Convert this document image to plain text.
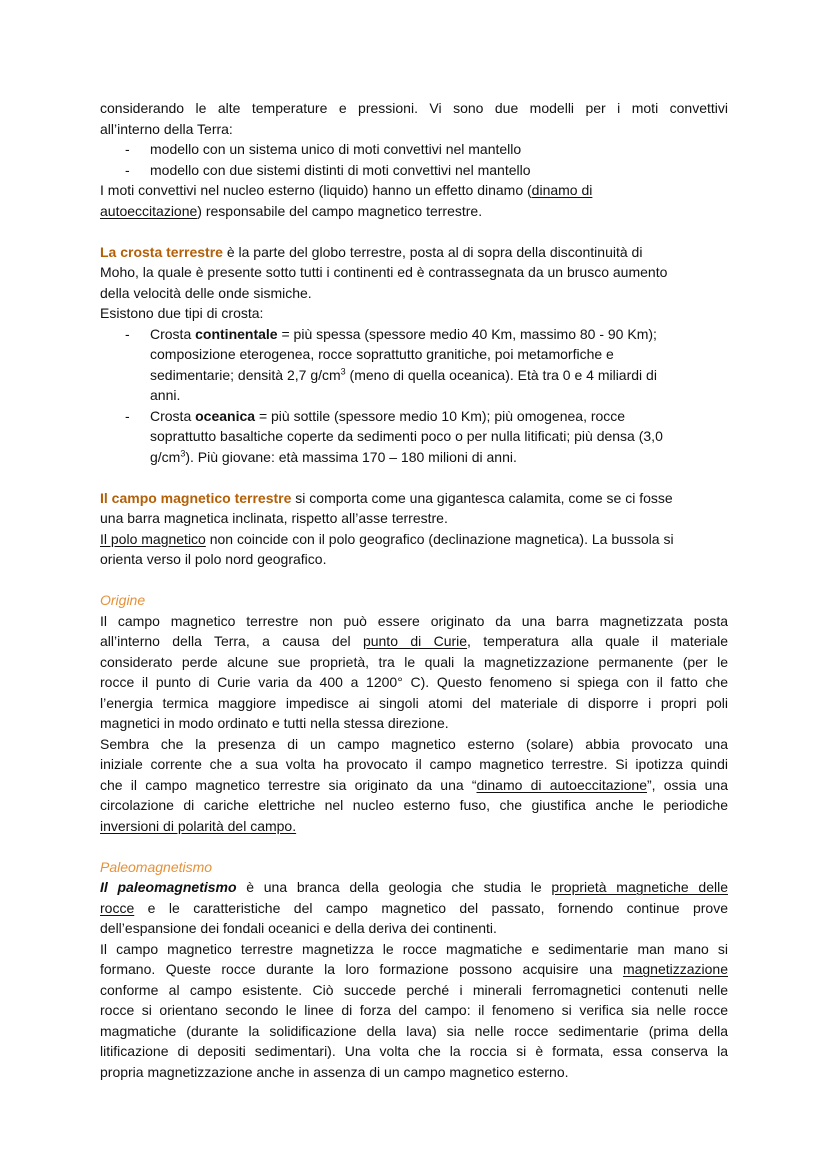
considerando le alte temperature e pressioni. Vi sono due modelli per i moti convettivi

all’interno della Terra:

- modello con un sistema unico di moti convettivi nel mantello
- modello con due sistemi distinti di moti convettivi nel mantello

I moti convettivi nel nucleo esterno (liquido) hanno un effetto dinamo (dinamo di
autoeccitazione) responsabile del campo magnetico terrestre.

La crosta terrestre è la parte del globo terrestre, posta al di sopra della discontinuità di
Moho, la quale è presente sotto tutti i continenti ed è contrassegnata da un brusco aumento
della velocità delle onde sismiche.

Esistono due tipi di crosta:

- Crosta continentale = più spessa (spessore medio 40 Km, massimo 80 - 90 Km);
composizione eterogenea, rocce soprattutto granitiche, poi metamorfiche e
sedimentarie; densità 2,7 $g/cm^3$ (meno di quella oceanica). Età tra 0 e 4 miliardi di
anni.
- Crosta oceanica = più sottile (spessore medio 10 Km); più omogenea, rocce
soprattutto basaltiche coperte da sedimenti poco o per nulla litificati; più densa (3,0
$g/cm^3$). Più giovane: età massima 170 – 180 milioni di anni.

Il campo magnetico terrestre si comporta come una gigantesca calamita, come se ci fosse
una barra magnetica inclinata, rispetto all’asse terrestre.

Il polo magnetico non coincide con il polo geografico (declinazione magnetica). La bussola si
orienta verso il polo nord geografico.

Origine

Il campo magnetico terrestre non può essere originato da una barra magnetizzata posta

all’interno della Terra, a causa del punto di Curie, temperatura alla quale il materiale

considerato perde alcune sue proprietà, tra le quali la magnetizzazione permanente (per le

rocce il punto di Curie varia da 400 a 1200° C). Questo fenomeno si spiega con il fatto che

l’energia termica maggiore impedisce ai singoli atomi del materiale di disporre i propri poli

magnetici in modo ordinato e tutti nella stessa direzione.

Sembra che la presenza di un campo magnetico esterno (solare) abbia provocato una

iniziale corrente che a sua volta ha provocato il campo magnetico terrestre. Si ipotizza quindi

che il campo magnetico terrestre sia originato da una “dinamo di autoeccitazione”, ossia una

circolazione di cariche elettriche nel nucleo esterno fuso, che giustifica anche le periodiche

inversioni di polarità del campo.

Paleomagnetismo

Il paleomagnetismo è una branca della geologia che studia le proprietà magnetiche delle

rocce e le caratteristiche del campo magnetico del passato, fornendo continue prove

dell’espansione dei fondali oceanici e della deriva dei continenti.

Il campo magnetico terrestre magnetizza le rocce magmatiche e sedimentarie man mano si

formano. Queste rocce durante la loro formazione possono acquisire una magnetizzazione

conforme al campo esistente. Ciò succede perché i minerali ferromagnetici contenuti nelle

rocce si orientano secondo le linee di forza del campo: il fenomeno si verifica sia nelle rocce

magmatiche (durante la solidificazione della lava) sia nelle rocce sedimentarie (prima della

litificazione di depositi sedimentari). Una volta che la roccia si è formata, essa conserva la

propria magnetizzazione anche in assenza di un campo magnetico esterno.
